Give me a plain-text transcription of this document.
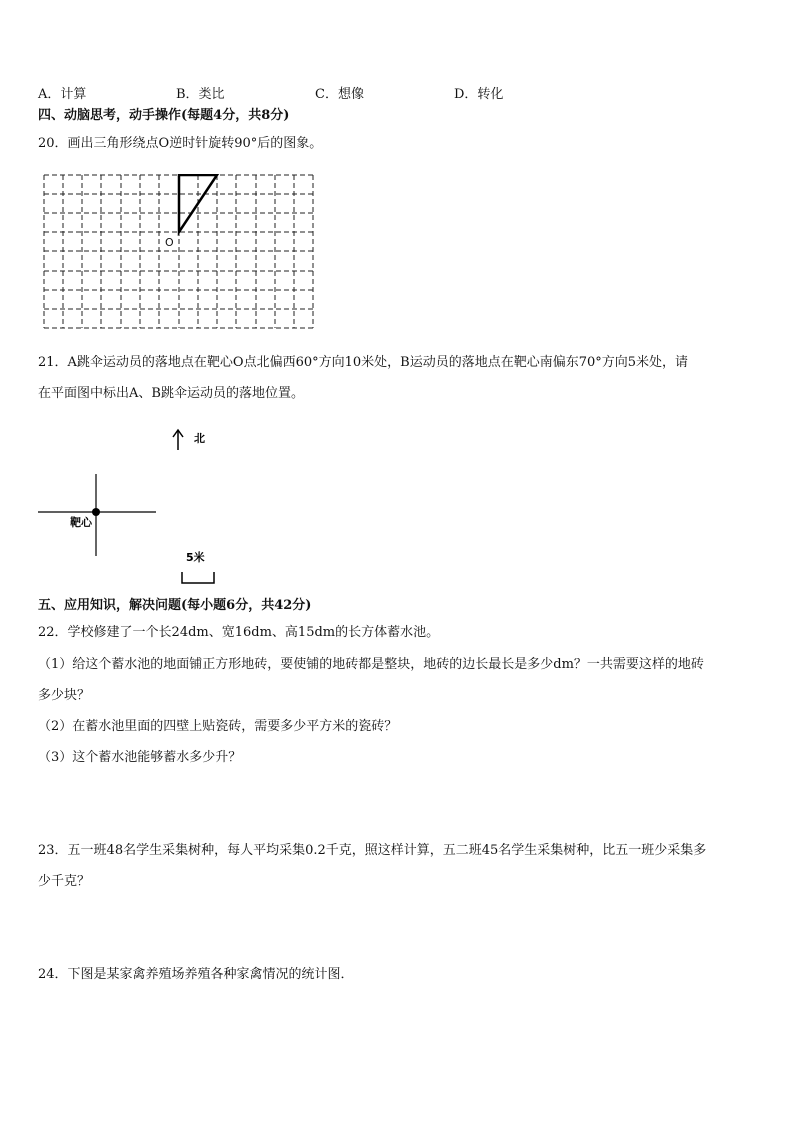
A．计算	B．类比	C．想像	D．转化
四、动脑思考，动手操作(每题4分，共8分)
20．画出三角形绕点O逆时针旋转90°后的图象。
O
21．A跳伞运动员的落地点在靶心O点北偏西60°方向10米处，B运动员的落地点在靶心南偏东70°方向5米处，请
在平面图中标出A、B跳伞运动员的落地位置。
北
靶心
5米
五、应用知识，解决问题(每小题6分，共42分)
22．学校修建了一个长24dm、宽16dm、高15dm的长方体蓄水池。
（1）给这个蓄水池的地面铺正方形地砖，要使铺的地砖都是整块，地砖的边长最长是多少dm？一共需要这样的地砖
多少块？
（2）在蓄水池里面的四壁上贴瓷砖，需要多少平方米的瓷砖？
（3）这个蓄水池能够蓄水多少升？
23．五一班48名学生采集树种，每人平均采集0.2千克，照这样计算，五二班45名学生采集树种，比五一班少采集多
少千克？
24．下图是某家禽养殖场养殖各种家禽情况的统计图．
